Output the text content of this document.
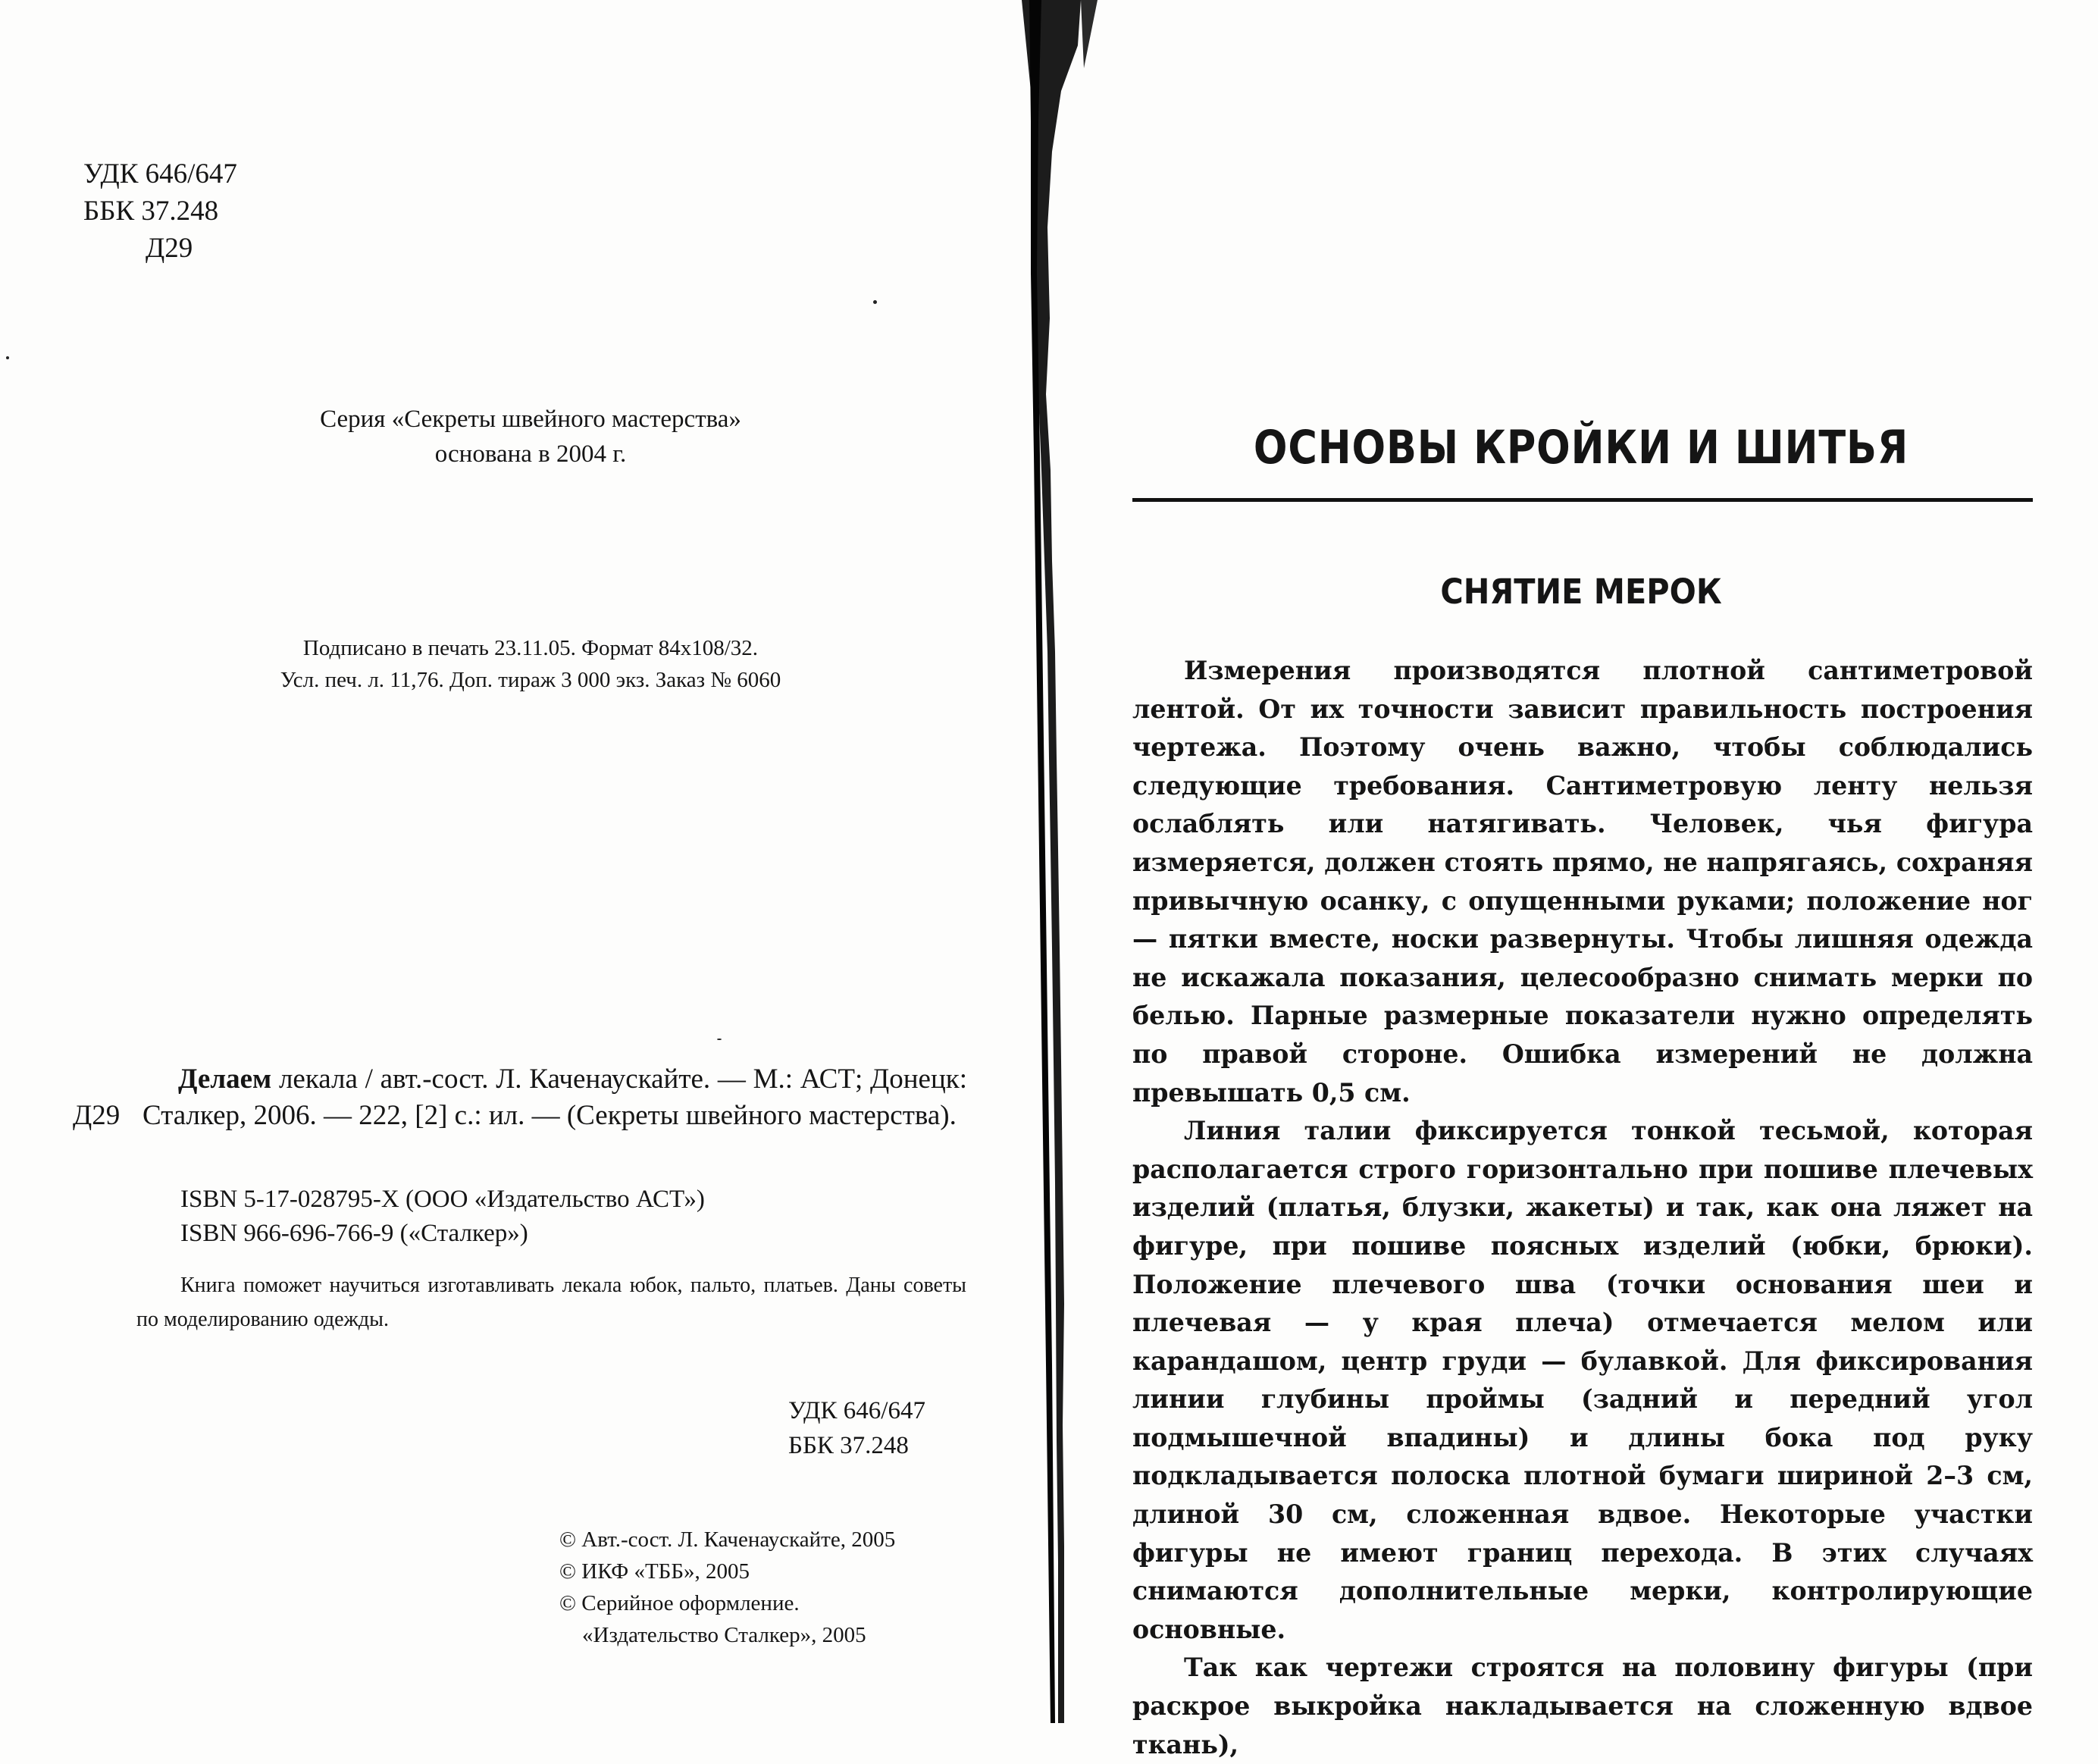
УДК 646/647
ББК 37.248
Д29
Серия «Секреты швейного мастерства»
основана в 2004 г.
Подписано в печать 23.11.05. Формат 84х108/32.
Усл. печ. л. 11,76. Доп. тираж 3 000 экз. Заказ № 6060
Д29
Делаем лекала / авт.-сост. Л. Каченаускайте. — М.: АСТ; Донецк: Сталкер, 2006. — 222, [2] с.: ил. — (Секреты швейного мастерства).
ISBN 5-17-028795-Х (ООО «Издательство АСТ»)
ISBN 966-696-766-9 («Сталкер»)
Книга поможет научиться изготавливать лекала юбок, пальто, платьев. Даны советы по моделированию одежды.
УДК 646/647
ББК 37.248
© Авт.-сост. Л. Каченаускайте, 2005
© ИКФ «ТББ», 2005
© Серийное оформление.
«Издательство Сталкер», 2005
ОСНОВЫ КРОЙКИ И ШИТЬЯ
СНЯТИЕ МЕРОК

Измерения производятся плотной сантиметровой лентой. От их точности зависит правильность построения чертежа. Поэтому очень важно, чтобы соблюдались следующие требования. Сантиметровую ленту нельзя ослаблять или натягивать. Человек, чья фигура измеряется, должен стоять прямо, не напрягаясь, сохраняя привычную осанку, с опущенными руками; положение ног — пятки вместе, носки развернуты. Чтобы лишняя одежда не искажала показания, целесообразно снимать мерки по белью. Парные размерные показатели нужно определять по правой стороне. Ошибка измерений не должна превышать 0,5 см.

Линия талии фиксируется тонкой тесьмой, которая располагается строго горизонтально при пошиве плечевых изделий (платья, блузки, жакеты) и так, как она ляжет на фигуре, при пошиве поясных изделий (юбки, брюки). Положение плечевого шва (точки основания шеи и плечевая — у края плеча) отмечается мелом или карандашом, центр груди — булавкой. Для фиксирования линии глубины проймы (задний и передний угол подмышечной впадины) и длины бока под руку подкладывается полоска плотной бумаги шириной 2–3 см, длиной 30 см, сложенная вдвое. Некоторые участки фигуры не имеют границ перехода. В этих случаях снимаются дополнительные мерки, контролирующие основные.

Так как чертежи строятся на половину фигуры (при раскрое выкройка накладывается на сложенную вдвое ткань),
